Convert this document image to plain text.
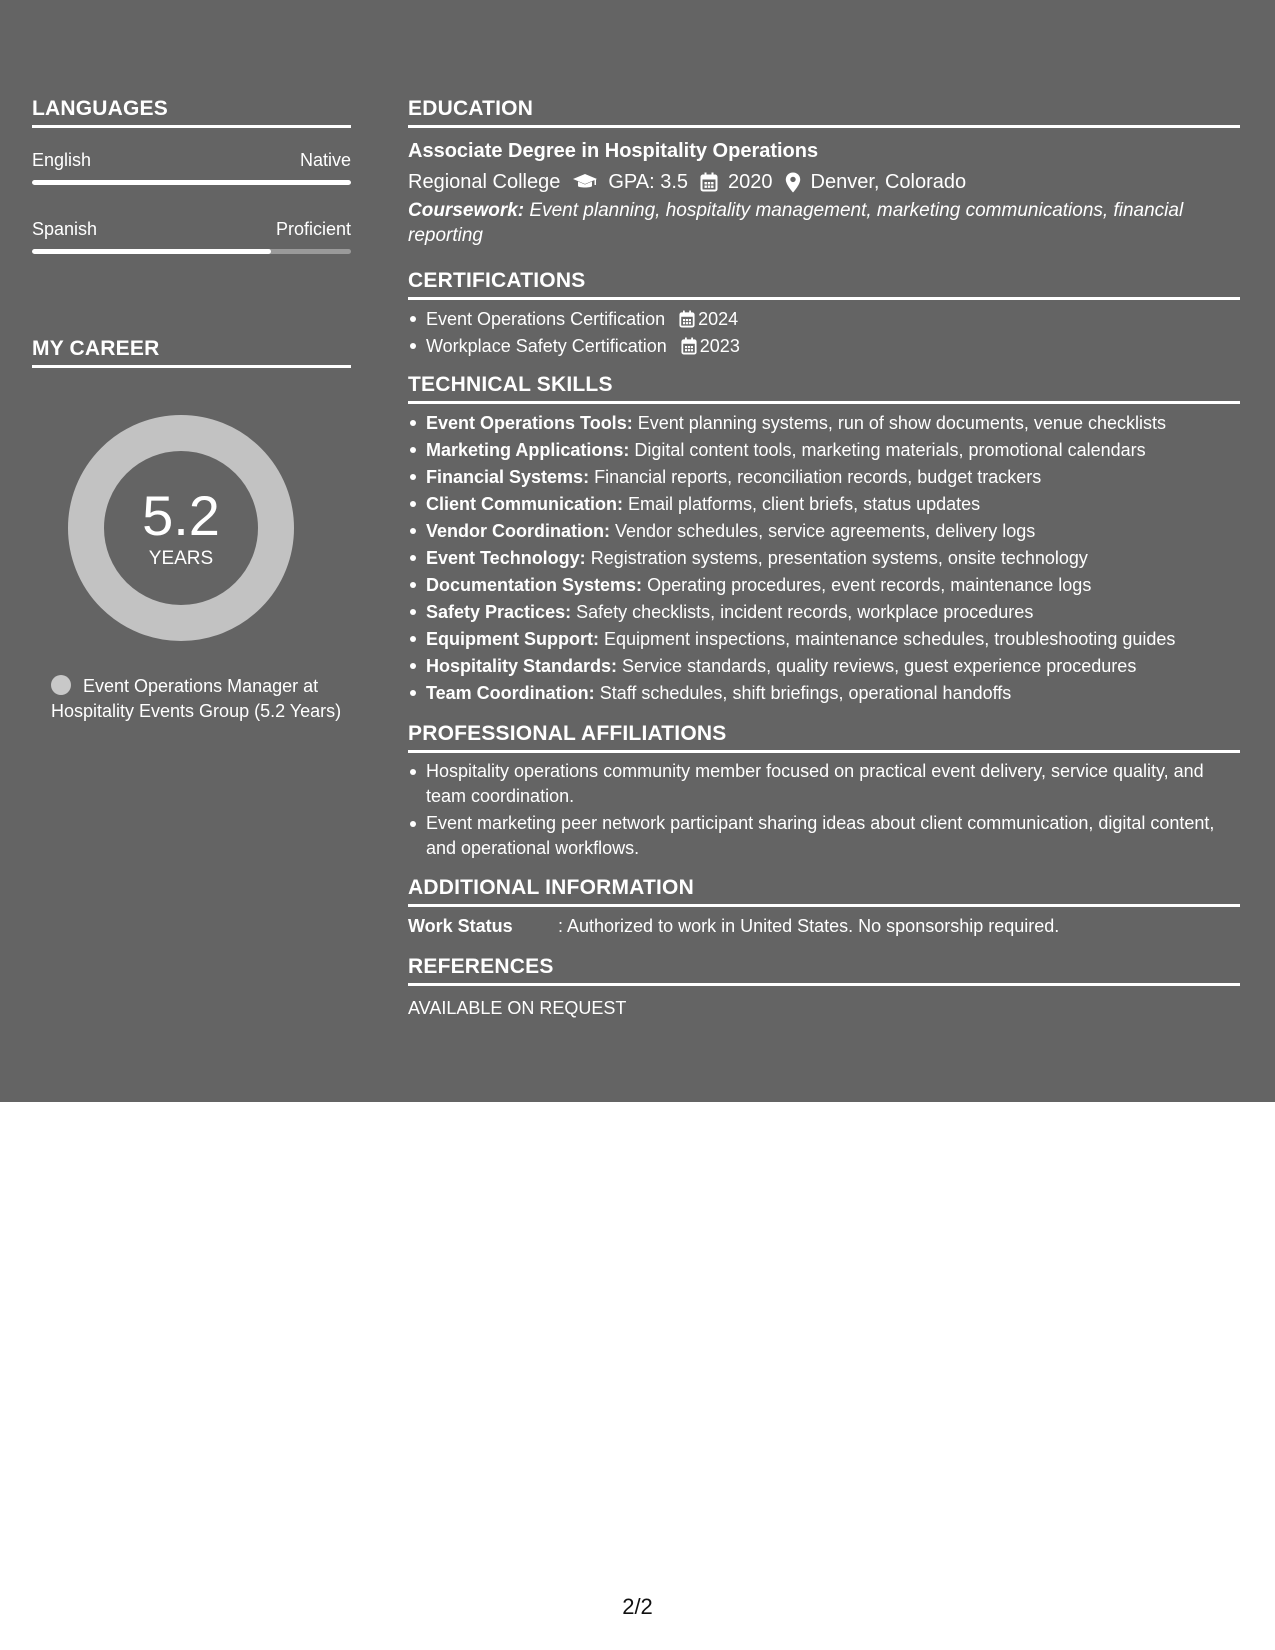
LANGUAGES
English	Native
Spanish	Proficient
MY CAREER
5.2
YEARS
Event Operations Manager at Hospitality Events Group (5.2 Years)
EDUCATION
Associate Degree in Hospitality Operations
Regional College GPA: 3.5 2020 Denver, Colorado
Coursework: Event planning, hospitality management, marketing communications, financial reporting
CERTIFICATIONS
Event Operations Certification 2024
Workplace Safety Certification 2023
TECHNICAL SKILLS
Event Operations Tools: Event planning systems, run of show documents, venue checklists
Marketing Applications: Digital content tools, marketing materials, promotional calendars
Financial Systems: Financial reports, reconciliation records, budget trackers
Client Communication: Email platforms, client briefs, status updates
Vendor Coordination: Vendor schedules, service agreements, delivery logs
Event Technology: Registration systems, presentation systems, onsite technology
Documentation Systems: Operating procedures, event records, maintenance logs
Safety Practices: Safety checklists, incident records, workplace procedures
Equipment Support: Equipment inspections, maintenance schedules, troubleshooting guides
Hospitality Standards: Service standards, quality reviews, guest experience procedures
Team Coordination: Staff schedules, shift briefings, operational handoffs
PROFESSIONAL AFFILIATIONS
Hospitality operations community member focused on practical event delivery, service quality, and team coordination.
Event marketing peer network participant sharing ideas about client communication, digital content, and operational workflows.
ADDITIONAL INFORMATION
Work Status	: Authorized to work in United States. No sponsorship required.
REFERENCES
AVAILABLE ON REQUEST
2/2
